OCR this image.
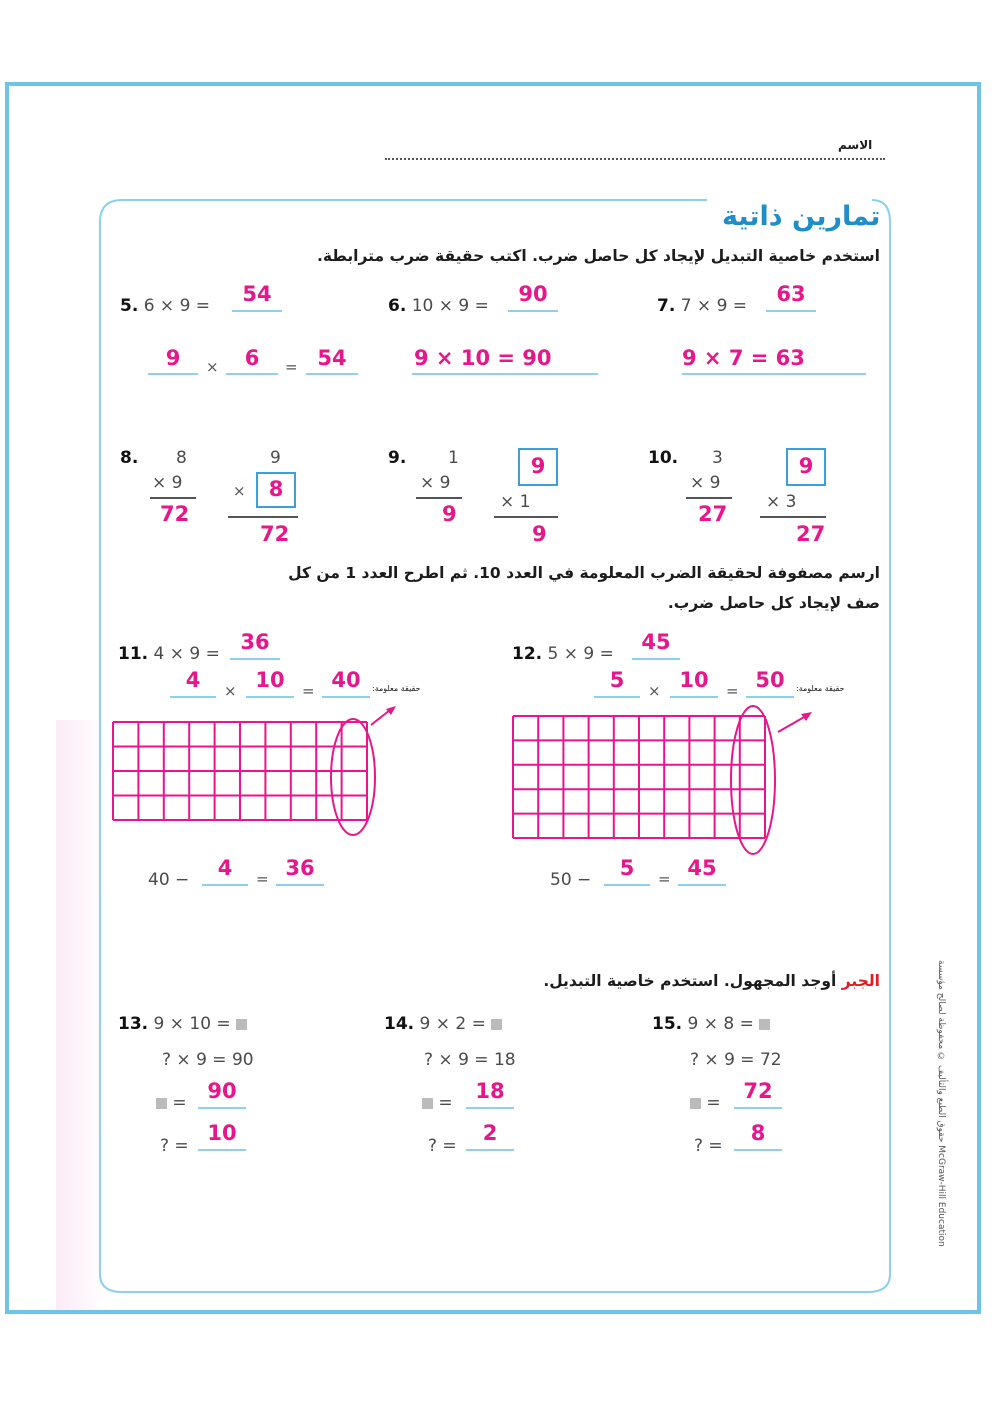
الاسم
تمارين ذاتية
استخدم خاصية التبديل لإيجاد كل حاصل ضرب. اكتب حقيقة ضرب مترابطة.
5. 6 × 9 =	54
9	×	6	= 54
6. 10 × 9 =	90
9 × 10 = 90
7. 7 × 9 =	63
9 × 7 = 63
8. 8
× 9
72
9
×	8
72
9. 1
× 9
9
9
× 1
9
10. 3
× 9
27
9
× 3
27
ارسم مصفوفة لحقيقة الضرب المعلومة في العدد 10. ثم اطرح العدد 1 من كل
صف لإيجاد كل حاصل ضرب.
11. 4 × 9 = 36
4	× 10	= 40	حقيقة معلومة:
40 −	4	= 36
12. 5 × 9 =	45
5	× 10	= 50	حقيقة معلومة:
50 −	5	= 45
الجبر أوجد المجهول. استخدم خاصية التبديل.
13. 9 × 10 =
? × 9 = 90
= 90
? =
10
14. 9 × 2 =
? × 9 = 18
=	18
? =
2
15. 9 × 8 =
? × 9 = 72
=	72
? =
8	حقوق الطبع والتأليف © محفوظة لصالح مؤسسة McGraw-Hill Education
